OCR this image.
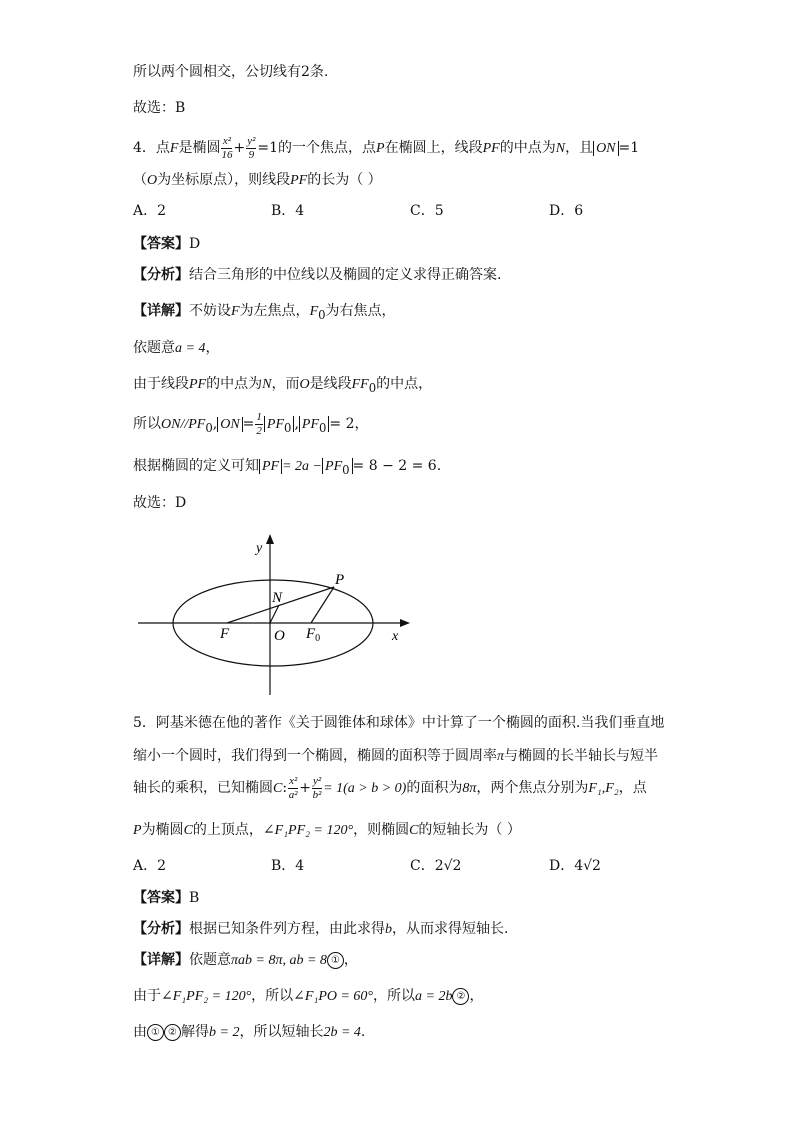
所以两个圆相交，公切线有2条.
故选：B
4．点F是椭圆 $\frac{\text{x²}}{16} + \frac{\text{y²}}{9} =1$的一个焦点，点P在椭圆上，线段PF的中点为N，且 ON =1
（O为坐标原点），则线段PF的长为（ ）
A．2	B．4	C．5	D．6
【答案】D
【分析】结合三角形的中位线以及椭圆的定义求得正确答案.
【详解】不妨设F为左焦点，$F_0$为右焦点，
依题意a = 4，
由于线段PF的中点为N，而O是线段$FF_0$的中点，
所以$ON//PF_0$, ON = $\frac{1}{2} PF_0$ , $PF_0 = 2$，
根据椭圆的定义可知 PF = $2a - PF_0 = 8 - 2 = 6$.
故选：D
y
x
P
N
F	O $F_0$
5．阿基米德在他的著作《关于圆锥体和球体》中计算了一个椭圆的面积.当我们垂直地
缩小一个圆时，我们得到一个椭圆，椭圆的面积等于圆周率π与椭圆的长半轴长与短半
轴长的乘积，已知椭圆C: $\frac{\text{x²}}{\text{a²}} + \frac{\text{y²}}{\text{b²}} = 1(a > b > 0)$的面积为8π，两个焦点分别为F₁,F₂，点
P为椭圆C的上顶点，∠F₁PF₂ = 120°，则椭圆C的短轴长为（ ）
A．2	B．4	C．2√2	D．4√2
【答案】B
【分析】根据已知条件列方程，由此求得b，从而求得短轴长.
【详解】依题意πab = 8π, ab = 8 ① ，
由于∠F₁PF₂ = 120°，所以∠F₁PO = 60°，所以a = 2b ② ，
由 ① ② 解得b = 2，所以短轴长2b = 4.
